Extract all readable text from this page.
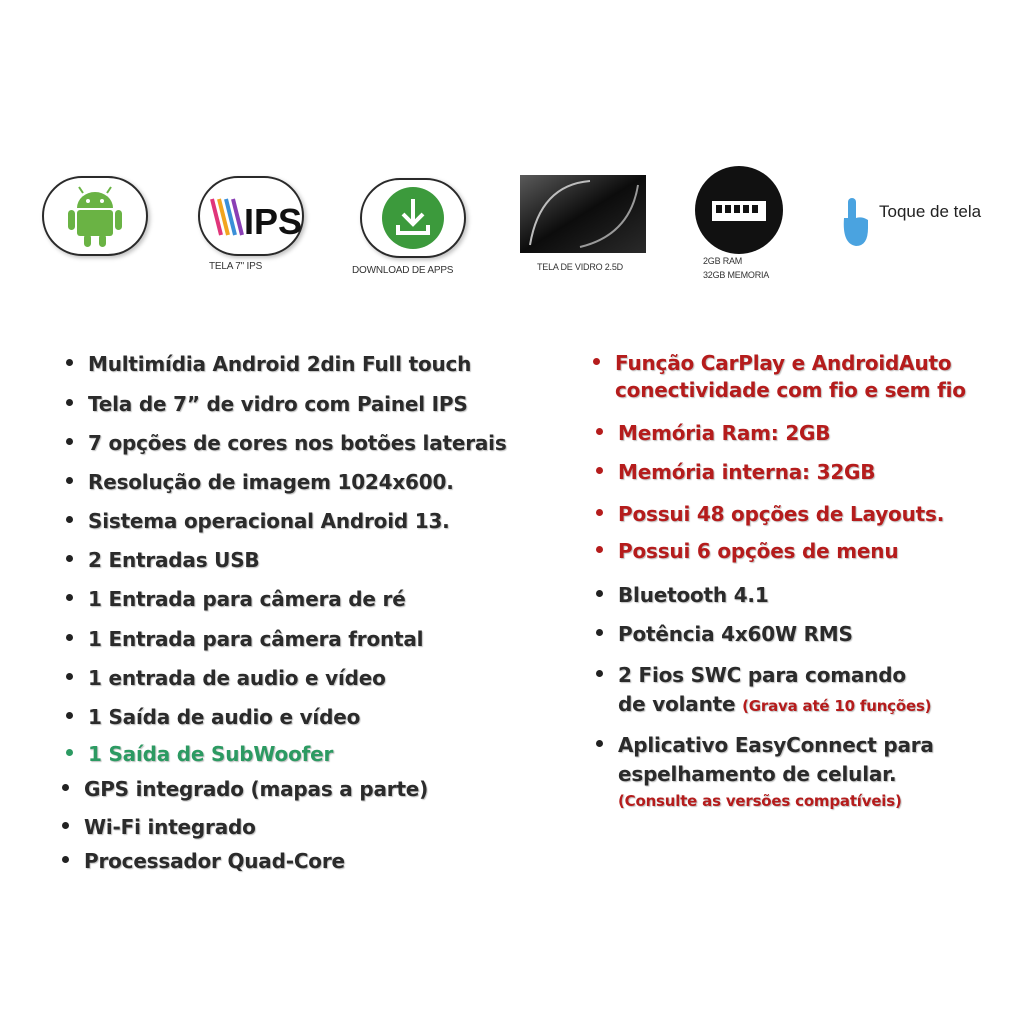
IPS
TELA 7" IPS	DOWNLOAD DE APPS	TELA DE VIDRO 2.5D
2GB RAM
32GB MEMORIA
Toque de tela
Multimídia Android 2din Full touch
Tela de 7” de vidro com Painel IPS
7 opções de cores nos botões laterais
Resolução de imagem 1024x600.
Sistema operacional Android 13.
2 Entradas USB
1 Entrada para câmera de ré
1 Entrada para câmera frontal
1 entrada de audio e vídeo
1 Saída de audio e vídeo
1 Saída de SubWoofer
GPS integrado (mapas a parte)
Wi-Fi integrado
Processador Quad-Core
Função CarPlay e AndroidAuto
conectividade com fio e sem fio
Memória Ram: 2GB
Memória interna: 32GB
Possui 48 opções de Layouts.
Possui 6 opções de menu
Bluetooth 4.1
Potência 4x60W RMS
2 Fios SWC para comando
de volante (Grava até 10 funções)
Aplicativo EasyConnect para
espelhamento de celular.
(Consulte as versões compatíveis)
